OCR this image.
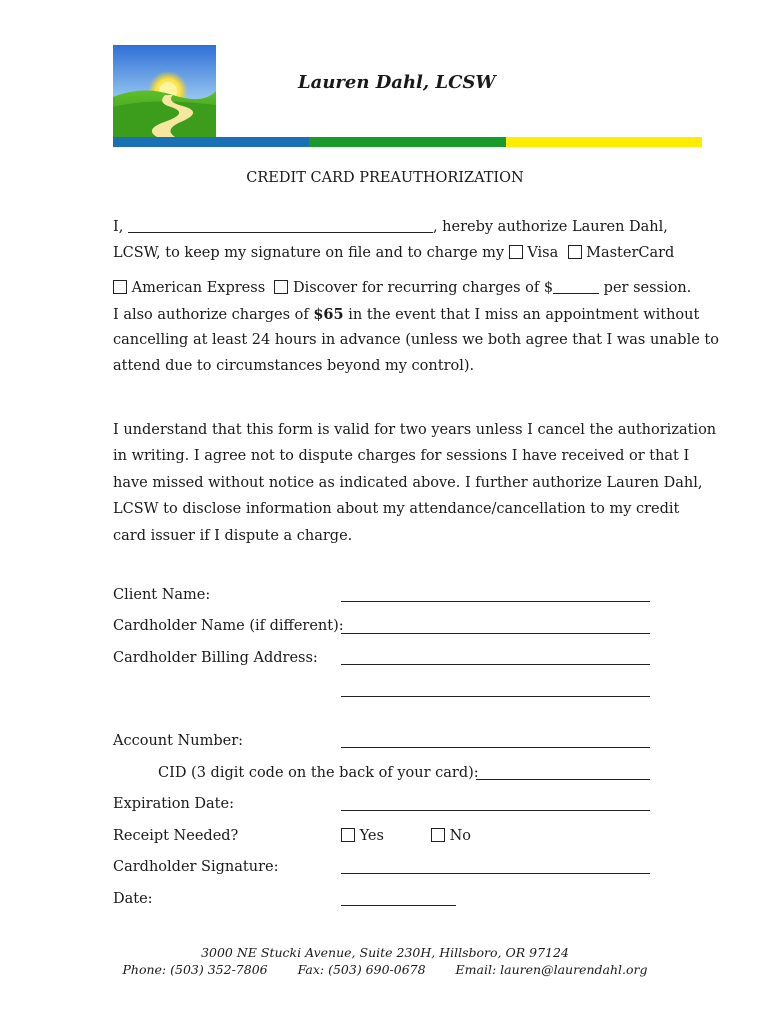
Lauren Dahl, LCSW
CREDIT CARD PREAUTHORIZATION
I,	, hereby authorize Lauren Dahl,
LCSW, to keep my signature on file and to charge my Visa MasterCard
American Express Discover for recurring charges of $	per session.
I also authorize charges of $65 in the event that I miss an appointment without
cancelling at least 24 hours in advance (unless we both agree that I was unable to
attend due to circumstances beyond my control).
I understand that this form is valid for two years unless I cancel the authorization
in writing. I agree not to dispute charges for sessions I have received or that I
have missed without notice as indicated above. I further authorize Lauren Dahl,
LCSW to disclose information about my attendance/cancellation to my credit
card issuer if I dispute a charge.
Client Name:
Cardholder Name (if different):
Cardholder Billing Address:
Account Number:
CID (3 digit code on the back of your card):
Expiration Date:
Receipt Needed?	Yes	No
Cardholder Signature:
Date:
3000 NE Stucki Avenue, Suite 230H, Hillsboro, OR 97124
Phone: (503) 352-7806 Fax: (503) 690-0678 Email: lauren@laurendahl.org
